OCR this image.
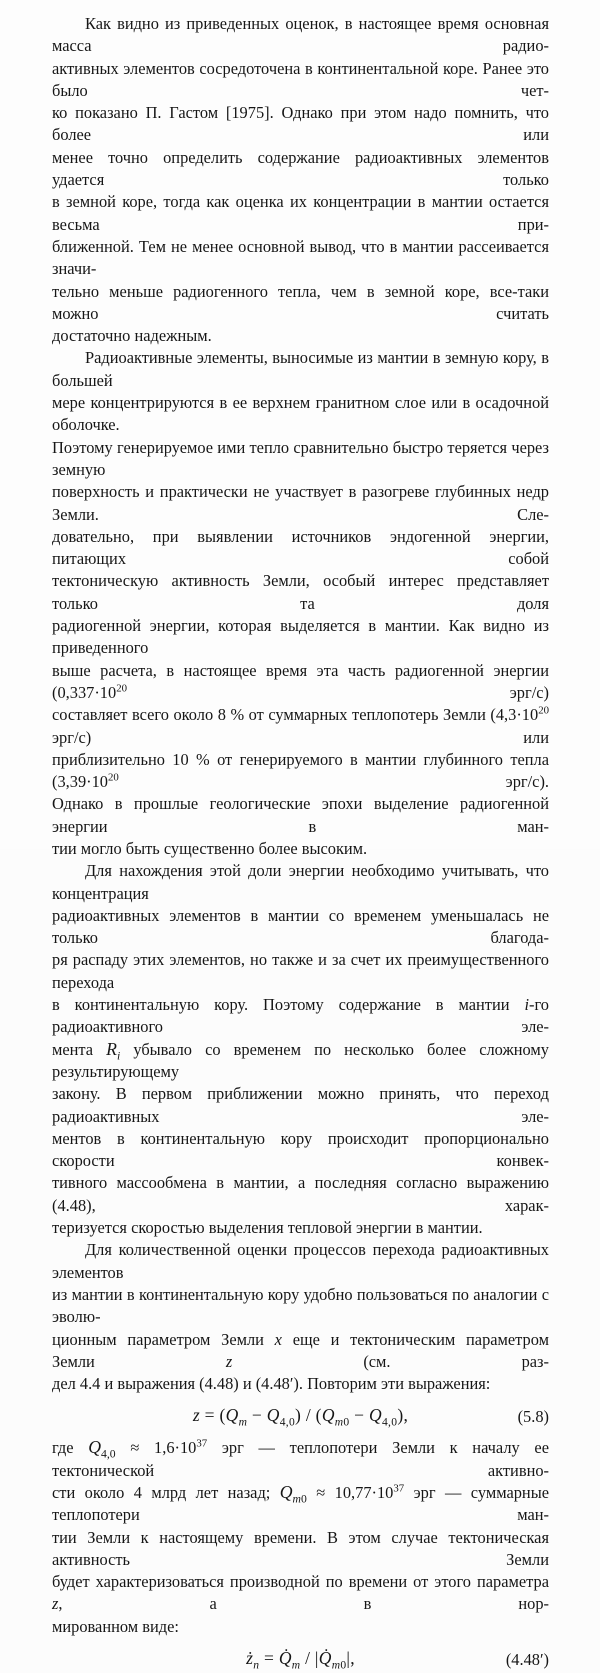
Как видно из приведенных оценок, в настоящее время основная масса радио-
активных элементов сосредоточена в континентальной коре. Ранее это было чет-
ко показано П. Гастом [1975]. Однако при этом надо помнить, что более или
менее точно определить содержание радиоактивных элементов удается только
в земной коре, тогда как оценка их концентрации в мантии остается весьма при-
ближенной. Тем не менее основной вывод, что в мантии рассеивается значи-
тельно меньше радиогенного тепла, чем в земной коре, все-таки можно считать
достаточно надежным.
Радиоактивные элементы, выносимые из мантии в земную кору, в большей
мере концентрируются в ее верхнем гранитном слое или в осадочной оболочке.
Поэтому генерируемое ими тепло сравнительно быстро теряется через земную
поверхность и практически не участвует в разогреве глубинных недр Земли. Сле-
довательно, при выявлении источников эндогенной энергии, питающих собой
тектоническую активность Земли, особый интерес представляет только та доля
радиогенной энергии, которая выделяется в мантии. Как видно из приведенного
выше расчета, в настоящее время эта часть радиогенной энергии ($0,337\cdot 10^{20}$ эрг/с)
составляет всего около 8 % от суммарных теплопотерь Земли ($4,3\cdot 10^{20}$ эрг/с) или
приблизительно 10 % от генерируемого в мантии глубинного тепла ($3,39\cdot 10^{20}$ эрг/с).
Однако в прошлые геологические эпохи выделение радиогенной энергии в ман-
тии могло быть существенно более высоким.
Для нахождения этой доли энергии необходимо учитывать, что концентрация
радиоактивных элементов в мантии со временем уменьшалась не только благода-
ря распаду этих элементов, но также и за счет их преимущественного перехода
в континентальную кору. Поэтому содержание в мантии i-го радиоактивного эле-
мента $R_i$ убывало со временем по несколько более сложному результирующему
закону. В первом приближении можно принять, что переход радиоактивных эле-
ментов в континентальную кору происходит пропорционально скорости конвек-
тивного массообмена в мантии, а последняя согласно выражению (4.48), харак-
теризуется скоростью выделения тепловой энергии в мантии.
Для количественной оценки процессов перехода радиоактивных элементов
из мантии в континентальную кору удобно пользоваться по аналогии с эволю-
ционным параметром Земли x еще и тектоническим параметром Земли z (см. раз-
дел 4.4 и выражения (4.48) и (4.48′). Повторим эти выражения:
$z = (Q_m - Q_{4,0}) / (Q_{m0} - Q_{4,0})$,	(5.8)
где $Q_{4,0} \approx 1,6\cdot 10^{37}$ эрг — теплопотери Земли к началу ее тектонической активно-
сти около 4 млрд лет назад; $Q_{m0} \approx 10,77\cdot 10^{37}$ эрг — суммарные теплопотери ман-
тии Земли к настоящему времени. В этом случае тектоническая активность Земли
будет характеризоваться производной по времени от этого параметра z, а в нор-
мированном виде:
$ż_n$ = $Q̇_m$ / $|Q̇_{m0}|$,	(4.48′)
